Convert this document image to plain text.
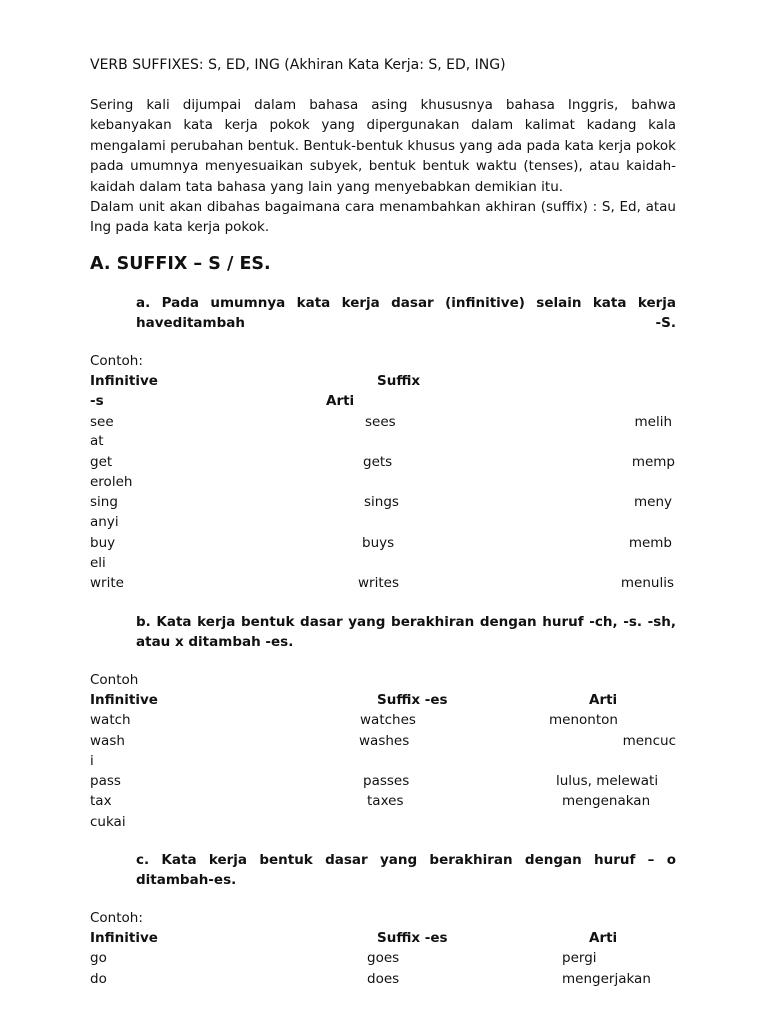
VERB SUFFIXES: S, ED, ING (Akhiran Kata Kerja: S, ED, ING)

Sering kali dijumpai dalam bahasa asing khususnya bahasa Inggris, bahwa kebanyakan kata kerja pokok yang dipergunakan dalam kalimat kadang kala mengalami perubahan bentuk. Bentuk-bentuk khusus yang ada pada kata kerja pokok pada umumnya menyesuaikan subyek, bentuk bentuk waktu (tenses), atau kaidah-kaidah dalam tata bahasa yang lain yang menyebabkan demikian itu.

Dalam unit akan dibahas bagaimana cara menambahkan akhiran (suffix) : S, Ed, atau Ing pada kata kerja pokok.

A. SUFFIX – S / ES.
a. Pada umumnya kata kerja dasar (infinitive) selain kata kerja haveditambah -S.
Contoh:
Infinitive	Suffix
-s	Arti
see	sees	melih
at
get	gets	memp
eroleh
sing	sings	meny
anyi
buy	buys	memb
eli
write	writes	menulis
b. Kata kerja bentuk dasar yang berakhiran dengan huruf -ch, -s. -sh, atau x ditambah -es.
Contoh
Infinitive	Suffix -es	Arti
watch	watches	menonton
wash	washes	mencuc
i
pass	passes	lulus, melewati
tax	taxes	mengenakan
cukai
c. Kata kerja bentuk dasar yang berakhiran dengan huruf – o ditambah-es.
Contoh:
Infinitive	Suffix -es	Arti
go	goes	pergi
do	does	mengerjakan
